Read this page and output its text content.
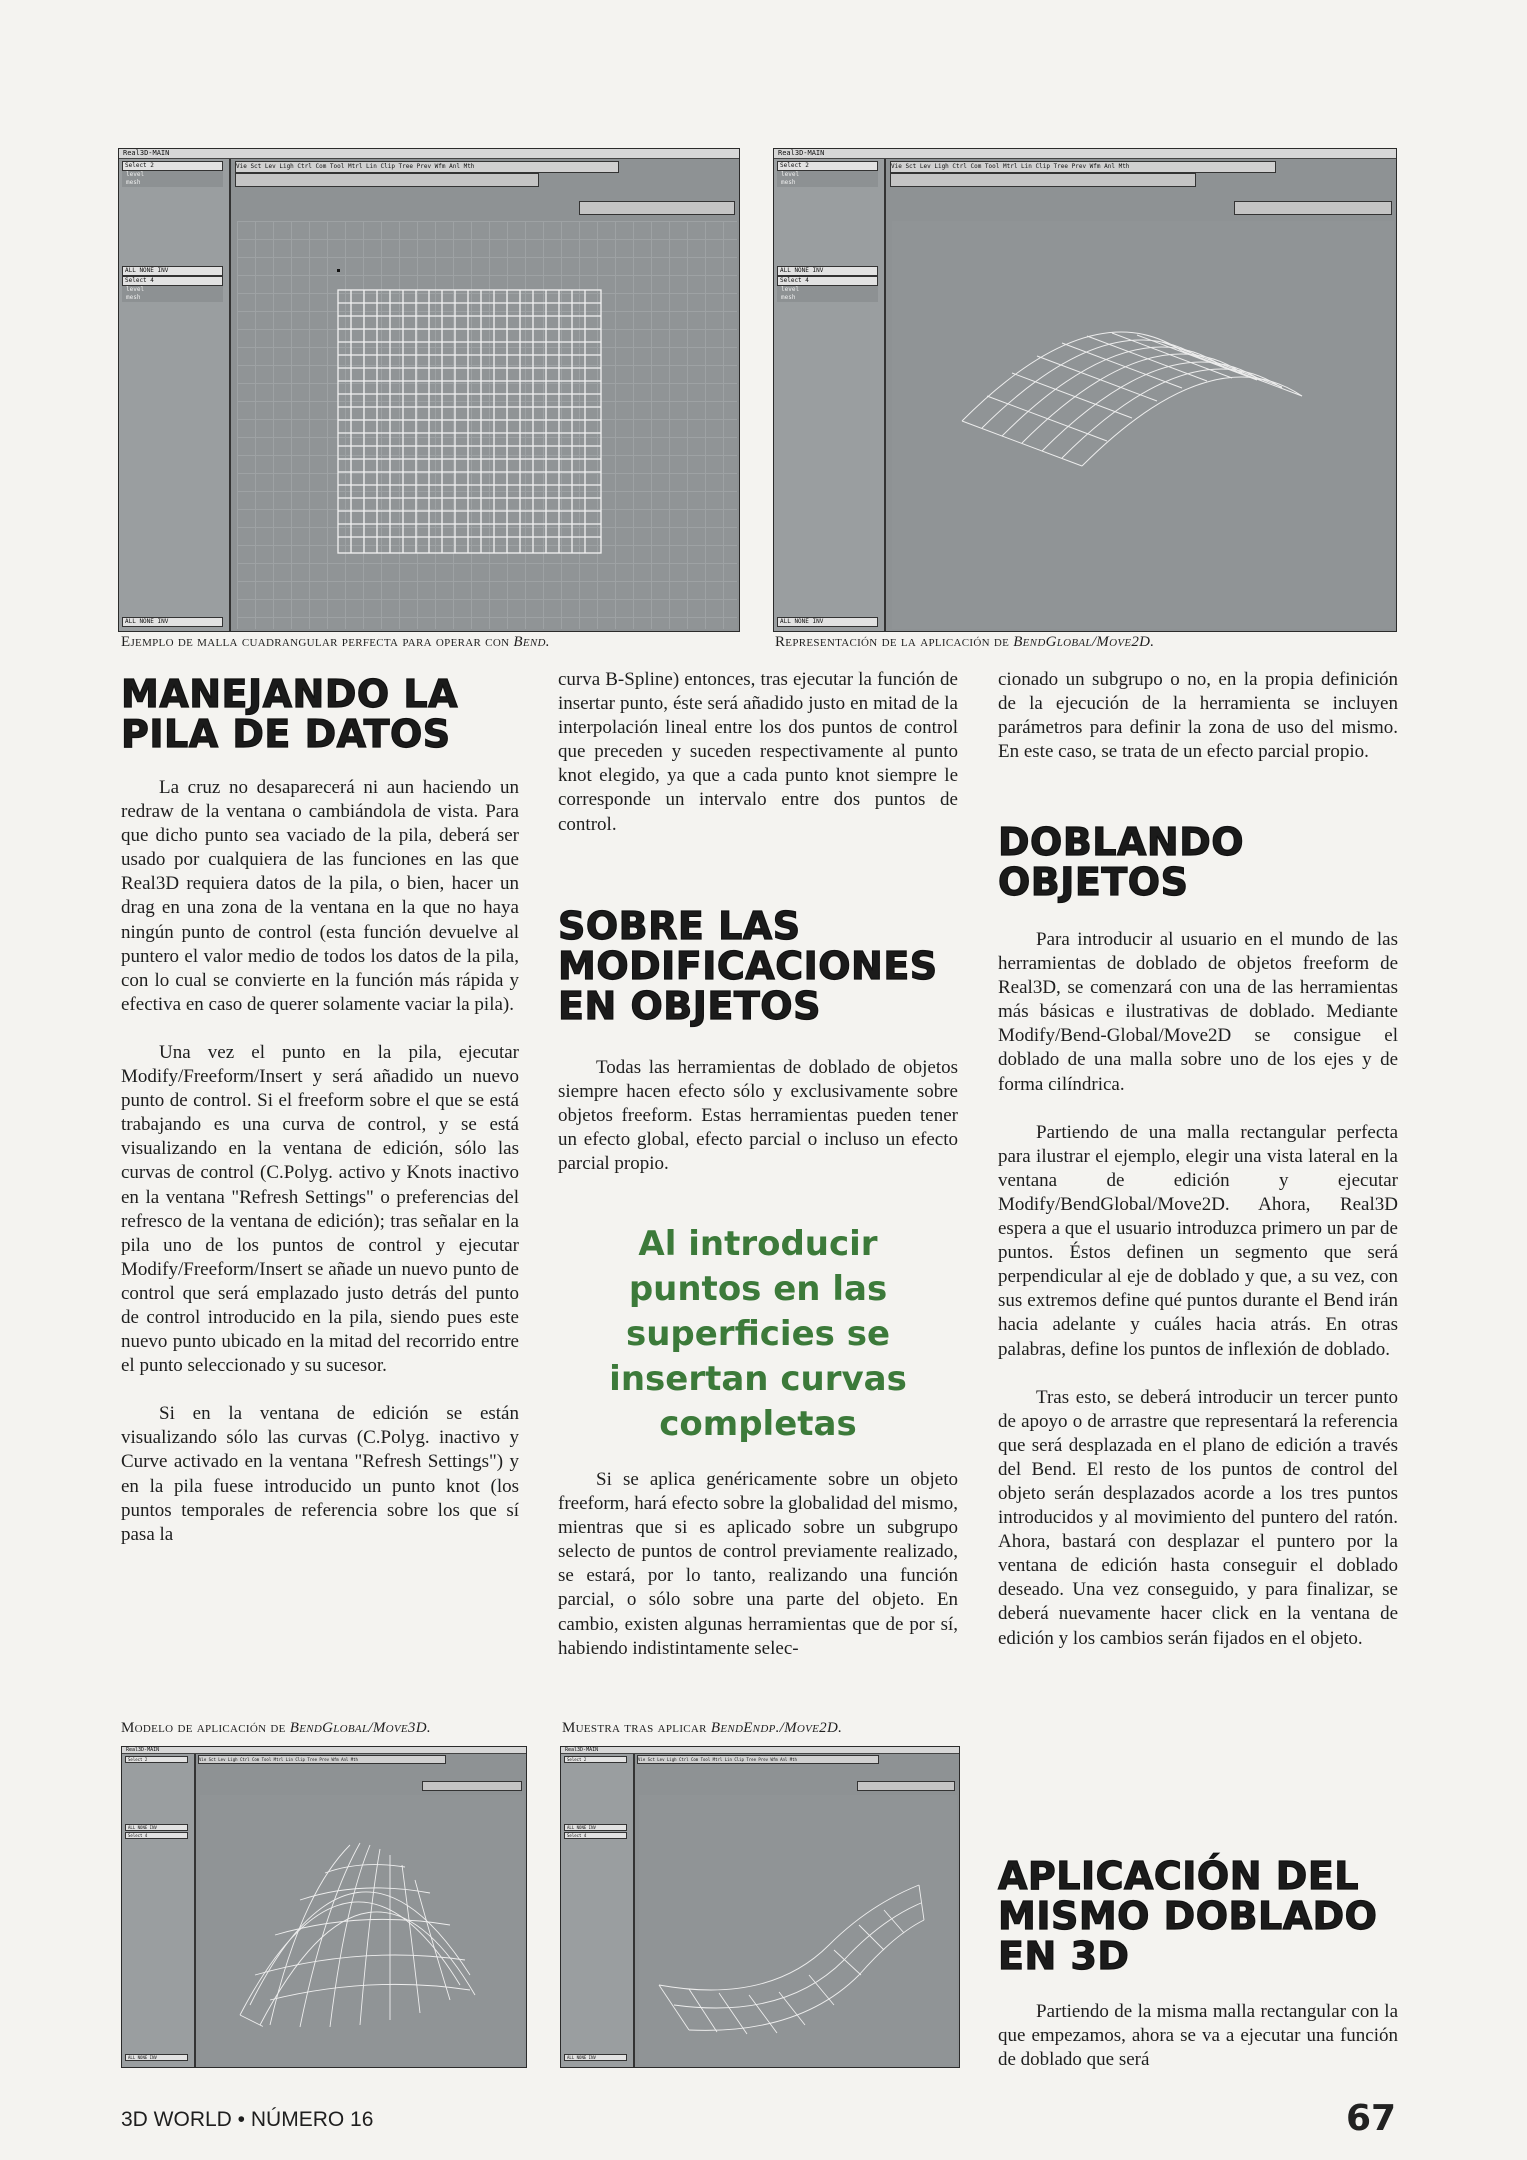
Real3D-MAIN
Select 2
level
mesh
ALL NONE INV
Select 4
level
mesh
ALL NONE INV
Vie Sct Lev Ligh Ctrl Com Tool Mtrl Lin Clip Tree Prev Wfm Anl Mth
Real3D-MAIN
Select 2
level
mesh
ALL NONE INV
Select 4
level
mesh
ALL NONE INV
Vie Sct Lev Ligh Ctrl Com Tool Mtrl Lin Clip Tree Prev Wfm Anl Mth
Ejemplo de malla cuadrangular perfecta para operar con Bend.	Representación de la aplicación de BendGlobal/Move2D.
MANEJANDO LA PILA DE DATOS

La cruz no desaparecerá ni aun haciendo un redraw de la ventana o cambiándola de vista. Para que dicho punto sea vaciado de la pila, deberá ser usado por cualquiera de las funciones en las que Real3D requiera datos de la pila, o bien, hacer un drag en una zona de la ventana en la que no haya ningún punto de control (esta función devuelve al puntero el valor medio de todos los datos de la pila, con lo cual se convierte en la función más rápida y efectiva en caso de querer solamente vaciar la pila).

Una vez el punto en la pila, ejecutar Modify/Freeform/Insert y será añadido un nuevo punto de control. Si el freeform sobre el que se está trabajando es una curva de control, y se está visualizando en la ventana de edición, sólo las curvas de control (C.Polyg. activo y Knots inactivo en la ventana "Refresh Settings" o preferencias del refresco de la ventana de edición); tras señalar en la pila uno de los puntos de control y ejecutar Modify/Freeform/Insert se añade un nuevo punto de control que será emplazado justo detrás del punto de control introducido en la pila, siendo pues este nuevo punto ubicado en la mitad del recorrido entre el punto seleccionado y su sucesor.

Si en la ventana de edición se están visualizando sólo las curvas (C.Polyg. inactivo y Curve activado en la ventana "Refresh Settings") y en la pila fuese introducido un punto knot (los puntos temporales de referencia sobre los que sí pasa la

curva B-Spline) entonces, tras ejecutar la función de insertar punto, éste será añadido justo en mitad de la interpolación lineal entre los dos puntos de control que preceden y suceden respectivamente al punto knot elegido, ya que a cada punto knot siempre le corresponde un intervalo entre dos puntos de control.

SOBRE LAS MODIFICACIONES EN OBJETOS

Todas las herramientas de doblado de objetos siempre hacen efecto sólo y exclusivamente sobre objetos freeform. Estas herramientas pueden tener un efecto global, efecto parcial o incluso un efecto parcial propio.

Al introducir puntos en las superficies se insertan curvas completas

Si se aplica genéricamente sobre un objeto freeform, hará efecto sobre la globalidad del mismo, mientras que si es aplicado sobre un subgrupo selecto de puntos de control previamente realizado, se estará, por lo tanto, realizando una función parcial, o sólo sobre una parte del objeto. En cambio, existen algunas herramientas que de por sí, habiendo indistintamente selec-

cionado un subgrupo o no, en la propia definición de la ejecución de la herramienta se incluyen parámetros para definir la zona de uso del mismo. En este caso, se trata de un efecto parcial propio.

DOBLANDO OBJETOS

Para introducir al usuario en el mundo de las herramientas de doblado de objetos freeform de Real3D, se comenzará con una de las herramientas más básicas e ilustrativas de doblado. Mediante Modify/Bend-Global/Move2D se consigue el doblado de una malla sobre uno de los ejes y de forma cilíndrica.

Partiendo de una malla rectangular perfecta para ilustrar el ejemplo, elegir una vista lateral en la ventana de edición y ejecutar Modify/BendGlobal/Move2D. Ahora, Real3D espera a que el usuario introduzca primero un par de puntos. Éstos definen un segmento que será perpendicular al eje de doblado y que, a su vez, con sus extremos define qué puntos durante el Bend irán hacia adelante y cuáles hacia atrás. En otras palabras, define los puntos de inflexión de doblado.

Tras esto, se deberá introducir un tercer punto de apoyo o de arrastre que representará la referencia que será desplazada en el plano de edición a través del Bend. El resto de los puntos de control del objeto serán desplazados acorde a los tres puntos introducidos y al movimiento del puntero del ratón. Ahora, bastará con desplazar el puntero por la ventana de edición hasta conseguir el doblado deseado. Una vez conseguido, y para finalizar, se deberá nuevamente hacer click en la ventana de edición y los cambios serán fijados en el objeto.

APLICACIÓN DEL MISMO DOBLADO EN 3D

Partiendo de la misma malla rectangular con la que empezamos, ahora se va a ejecutar una función de doblado que será

Modelo de aplicación de BendGlobal/Move3D.	Muestra tras aplicar BendEndp./Move2D.
Real3D-MAIN
Select 2
ALL NONE INV
Select 4
ALL NONE INV
Vie Sct Lev Ligh Ctrl Com Tool Mtrl Lin Clip Tree Prev Wfm Anl Mth
Real3D-MAIN
Select 2
ALL NONE INV
Select 4
ALL NONE INV
Vie Sct Lev Ligh Ctrl Com Tool Mtrl Lin Clip Tree Prev Wfm Anl Mth
3D WORLD • NÚMERO 16	67
